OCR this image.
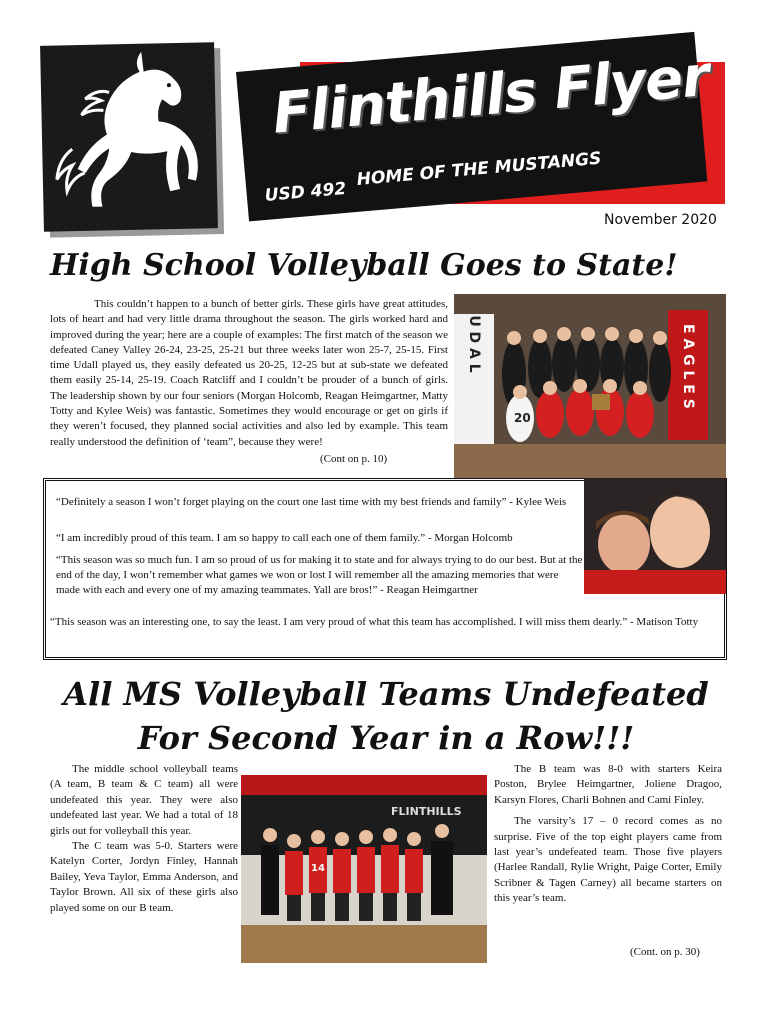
Flinthills Flyer
USD 492
HOME OF THE MUSTANGS
November 2020
High School Volleyball Goes to State!

This couldn’t happen to a bunch of better girls. These girls have great attitudes, lots of heart and had very little drama throughout the season. The girls worked hard and improved during the year; here are a couple of examples: The first match of the season we defeated Caney Valley 26-24, 23-25, 25-21 but three weeks later won 25-7, 25-15. First time Udall played us, they easily defeated us 20-25, 12-25 but at sub-state we defeated them easily 25-14, 25-19. Coach Ratcliff and I couldn’t be prouder of a bunch of girls. The leadership shown by our four seniors (Morgan Holcomb, Reagan Heimgartner, Matty Totty and Kylee Weis) was fantastic. Sometimes they would encourage or get on girls if they weren’t focused, they planned social activities and also led by example. This team really understood the definition of ‘team”, because they were!

(Cont on p. 10)
U D A L	E A G L E S
20
“Definitely a season I won’t forget playing on the court one last time with my best friends and family” - Kylee Weis
“I am incredibly proud of this team. I am so happy to call each one of them family.” - Morgan Holcomb
“This season was so much fun. I am so proud of us for making it to state and for always trying to do our best. But at the end of the day, I won’t remember what games we won or lost I will remember all the amazing memories that were made with each and every one of my amazing teammates. Yall are bros!” - Reagan Heimgartner
“This season was an interesting one, to say the least. I am very proud of what this team has accomplished. I will miss them dearly.” - Matison Totty
All MS Volleyball Teams Undefeated
For Second Year in a Row!!!

The middle school volleyball teams (A team, B team & C team) all were undefeated this year. They were also undefeated last year. We had a total of 18 girls out for volleyball this year.

The C team was 5-0. Starters were Katelyn Corter, Jordyn Finley, Hannah Bailey, Yeva Taylor, Emma Anderson, and Taylor Brown. All six of these girls also played some on our B team.

FLINTHILLS
14

The B team was 8-0 with starters Keira Poston, Brylee Heimgartner, Joliene Dragoo, Karsyn Flores, Charli Bohnen and Cami Finley.

The varsity’s 17 – 0 record comes as no surprise. Five of the top eight players came from last year’s undefeated team. Those five players (Harlee Randall, Rylie Wright, Paige Corter, Emily Scribner & Tagen Carney) all became starters on this year’s team.

(Cont. on p. 30)
